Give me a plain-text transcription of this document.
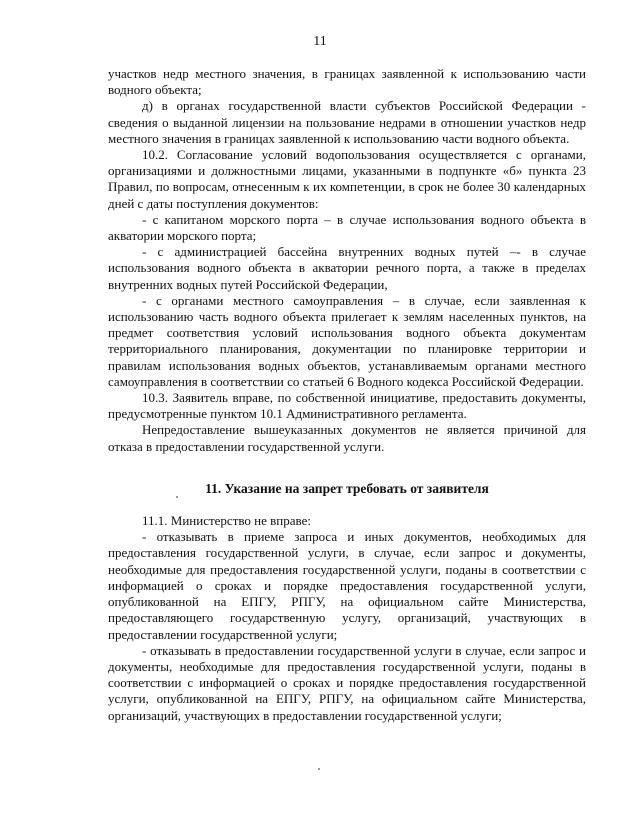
11

участков недр местного значения, в границах заявленной к использованию части водного объекта;

д) в органах государственной власти субъектов Российской Федерации - сведения о выданной лицензии на пользование недрами в отношении участков недр местного значения в границах заявленной к использованию части водного объекта.

10.2. Согласование условий водопользования осуществляется с органами, организациями и должностными лицами, указанными в подпункте «б» пункта 23 Правил, по вопросам, отнесенным к их компетенции, в срок не более 30 календарных дней с даты поступления документов:

- с капитаном морского порта – в случае использования водного объекта в акватории морского порта;

- с администрацией бассейна внутренних водных путей –- в случае использования водного объекта в акватории речного порта, а также в пределах внутренних водных путей Российской Федерации,

- с органами местного самоуправления – в случае, если заявленная к использованию часть водного объекта прилегает к землям населенных пунктов, на предмет соответствия условий использования водного объекта документам территориального планирования, документации по планировке территории и правилам использования водных объектов, устанавливаемым органами местного самоуправления в соответствии со статьей 6 Водного кодекса Российской Федерации.

10.3. Заявитель вправе, по собственной инициативе, предоставить документы, предусмотренные пунктом 10.1 Административного регламента.

Непредоставление вышеуказанных документов не является причиной для отказа в предоставлении государственной услуги.

11. Указание на запрет требовать от заявителя

11.1. Министерство не вправе:

- отказывать в приеме запроса и иных документов, необходимых для предоставления государственной услуги, в случае, если запрос и документы, необходимые для предоставления государственной услуги, поданы в соответствии с информацией о сроках и порядке предоставления государственной услуги, опубликованной на ЕПГУ, РПГУ, на официальном сайте Министерства, предоставляющего государственную услугу, организаций, участвующих в предоставлении государственной услуги;

- отказывать в предоставлении государственной услуги в случае, если запрос и документы, необходимые для предоставления государственной услуги, поданы в соответствии с информацией о сроках и порядке предоставления государственной услуги, опубликованной на ЕПГУ, РПГУ, на официальном сайте Министерства, организаций, участвующих в предоставлении государственной услуги;
